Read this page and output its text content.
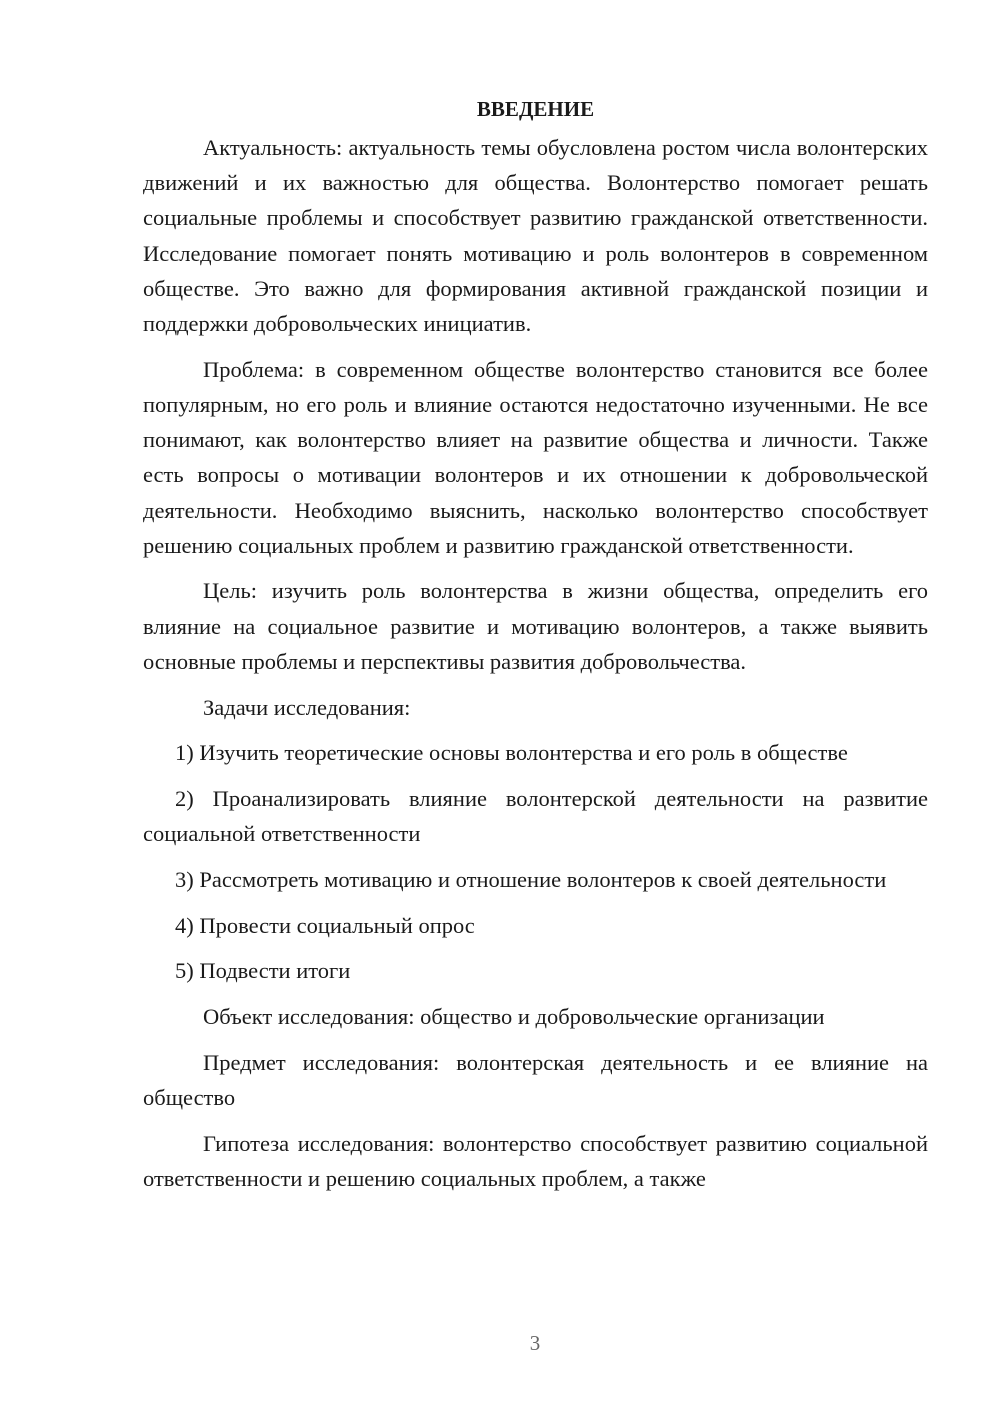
ВВЕДЕНИЕ

Актуальность: актуальность темы обусловлена ростом числа волонтерских движений и их важностью для общества. Волонтерство помогает решать социальные проблемы и способствует развитию гражданской ответственности. Исследование помогает понять мотивацию и роль волонтеров в современном обществе. Это важно для формирования активной гражданской позиции и поддержки добровольческих инициатив.

Проблема: в современном обществе волонтерство становится все более популярным, но его роль и влияние остаются недостаточно изученными. Не все понимают, как волонтерство влияет на развитие общества и личности. Также есть вопросы о мотивации волонтеров и их отношении к добровольческой деятельности. Необходимо выяснить, насколько волонтерство способствует решению социальных проблем и развитию гражданской ответственности.

Цель: изучить роль волонтерства в жизни общества, определить его влияние на социальное развитие и мотивацию волонтеров, а также выявить основные проблемы и перспективы развития добровольчества.

Задачи исследования:

1) Изучить теоретические основы волонтерства и его роль в обществе

2) Проанализировать влияние волонтерской деятельности на развитие социальной ответственности

3) Рассмотреть мотивацию и отношение волонтеров к своей деятельности

4) Провести социальный опрос

5) Подвести итоги

Объект исследования: общество и добровольческие организации

Предмет исследования: волонтерская деятельность и ее влияние на общество

Гипотеза исследования: волонтерство способствует развитию социальной ответственности и решению социальных проблем, а также

3
